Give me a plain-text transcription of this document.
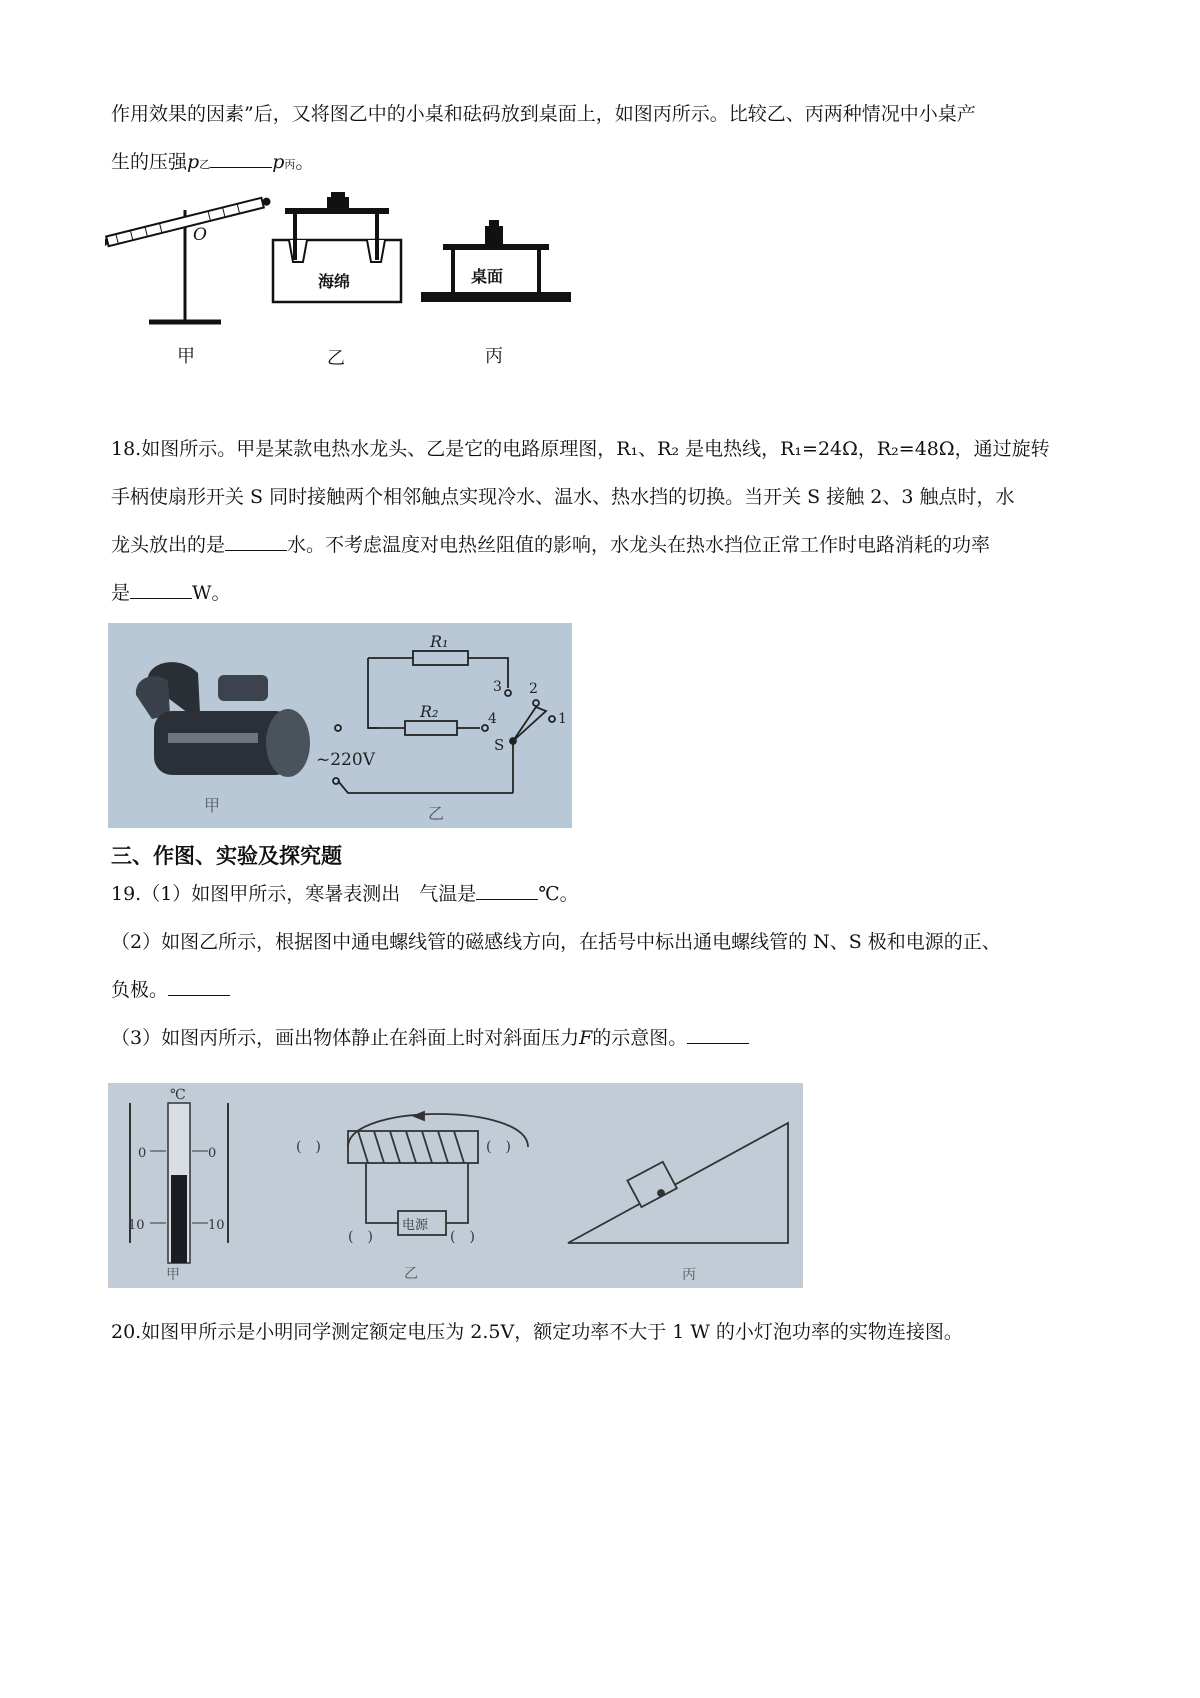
作用效果的因素”后，又将图乙中的小桌和砝码放到桌面上，如图丙所示。比较乙、丙两种情况中小桌产

生的压强p乙	p丙。

O
甲
海绵
乙
桌面
丙

18.如图所示。甲是某款电热水龙头、乙是它的电路原理图，R₁、R₂ 是电热线，R₁=24Ω，R₂=48Ω，通过旋转

手柄使扇形开关 S 同时接触两个相邻触点实现冷水、温水、热水挡的切换。当开关 S 接触 2、3 触点时，水

龙头放出的是	水。不考虑温度对电热丝阻值的影响，水龙头在热水挡位正常工作时电路消耗的功率

是	W。

甲
R₁
R₂	4
3 2
1
S
~220V
乙
三、作图、实验及探究题

19.（1）如图甲所示，寒暑表测出　气温是	℃。

（2）如图乙所示，根据图中通电螺线管的磁感线方向，在括号中标出通电螺线管的 N、S 极和电源的正、

负极。

（3）如图丙所示，画出物体静止在斜面上时对斜面压力F的示意图。

℃
0	0
10	10
甲
电源
(　)	(　)
(　)	(　)
乙	丙

20.如图甲所示是小明同学测定额定电压为 2.5V，额定功率不大于 1 W 的小灯泡功率的实物连接图。
